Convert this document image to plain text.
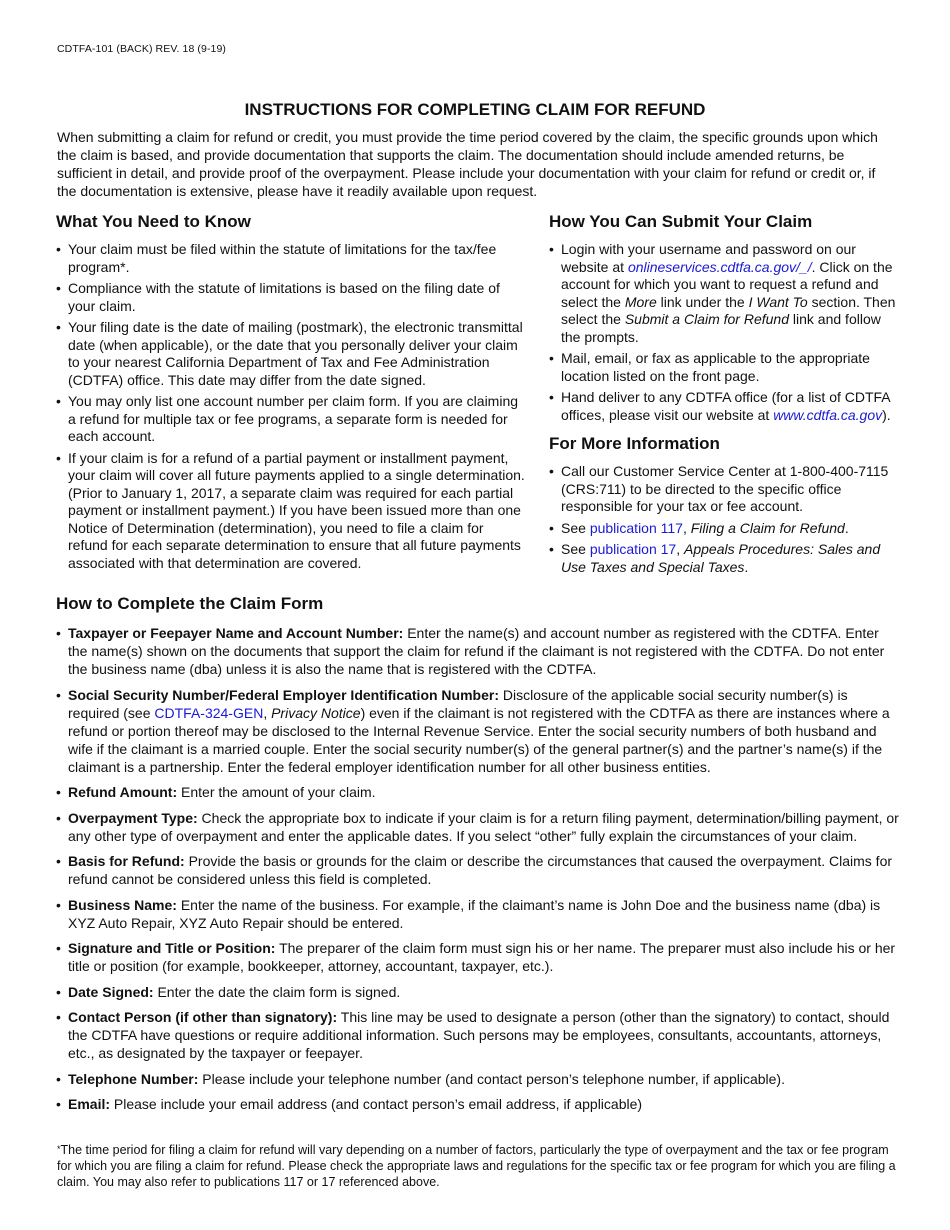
CDTFA-101 (BACK) REV. 18 (9-19)
INSTRUCTIONS FOR COMPLETING CLAIM FOR REFUND

When submitting a claim for refund or credit, you must provide the time period covered by the claim, the specific grounds upon which the claim is based, and provide documentation that supports the claim. The documentation should include amended returns, be sufficient in detail, and provide proof of the overpayment. Please include your documentation with your claim for refund or credit or, if the documentation is extensive, please have it readily available upon request.

What You Need to Know
• Your claim must be filed within the statute of limitations for the tax/fee program*.
• Compliance with the statute of limitations is based on the filing date of your claim.
• Your filing date is the date of mailing (postmark), the electronic transmittal date (when applicable), or the date that you personally deliver your claim to your nearest California Department of Tax and Fee Administration (CDTFA) office. This date may differ from the date signed.
• You may only list one account number per claim form. If you are claiming a refund for multiple tax or fee programs, a separate form is needed for each account.
• If your claim is for a refund of a partial payment or installment payment, your claim will cover all future payments applied to a single determination. (Prior to January 1, 2017, a separate claim was required for each partial payment or installment payment.) If you have been issued more than one Notice of Determination (determination), you need to file a claim for refund for each separate determination to ensure that all future payments associated with that determination are covered.
How You Can Submit Your Claim
• Login with your username and password on our website at onlineservices.cdtfa.ca.gov/_/. Click on the account for which you want to request a refund and select the More link under the I Want To section. Then select the Submit a Claim for Refund link and follow the prompts.
• Mail, email, or fax as applicable to the appropriate location listed on the front page.
• Hand deliver to any CDTFA office (for a list of CDTFA offices, please visit our website at www.cdtfa.ca.gov).
For More Information
• Call our Customer Service Center at 1-800-400-7115 (CRS:711) to be directed to the specific office responsible for your tax or fee account.
• See publication 117, Filing a Claim for Refund.
• See publication 17, Appeals Procedures: Sales and Use Taxes and Special Taxes.
How to Complete the Claim Form
• Taxpayer or Feepayer Name and Account Number: Enter the name(s) and account number as registered with the CDTFA. Enter the name(s) shown on the documents that support the claim for refund if the claimant is not registered with the CDTFA. Do not enter the business name (dba) unless it is also the name that is registered with the CDTFA.
• Social Security Number/Federal Employer Identification Number: Disclosure of the applicable social security number(s) is required (see CDTFA-324-GEN, Privacy Notice) even if the claimant is not registered with the CDTFA as there are instances where a refund or portion thereof may be disclosed to the Internal Revenue Service. Enter the social security numbers of both husband and wife if the claimant is a married couple. Enter the social security number(s) of the general partner(s) and the partner’s name(s) if the claimant is a partnership. Enter the federal employer identification number for all other business entities.
• Refund Amount: Enter the amount of your claim.
• Overpayment Type: Check the appropriate box to indicate if your claim is for a return filing payment, determination/billing payment, or any other type of overpayment and enter the applicable dates. If you select “other” fully explain the circumstances of your claim.
• Basis for Refund: Provide the basis or grounds for the claim or describe the circumstances that caused the overpayment. Claims for refund cannot be considered unless this field is completed.
• Business Name: Enter the name of the business. For example, if the claimant’s name is John Doe and the business name (dba) is XYZ Auto Repair, XYZ Auto Repair should be entered.
• Signature and Title or Position: The preparer of the claim form must sign his or her name. The preparer must also include his or her title or position (for example, bookkeeper, attorney, accountant, taxpayer, etc.).
• Date Signed: Enter the date the claim form is signed.
• Contact Person (if other than signatory): This line may be used to designate a person (other than the signatory) to contact, should the CDTFA have questions or require additional information. Such persons may be employees, consultants, accountants, attorneys, etc., as designated by the taxpayer or feepayer.
• Telephone Number: Please include your telephone number (and contact person’s telephone number, if applicable).
• Email: Please include your email address (and contact person’s email address, if applicable)
*The time period for filing a claim for refund will vary depending on a number of factors, particularly the type of overpayment and the tax or fee program for which you are filing a claim for refund. Please check the appropriate laws and regulations for the specific tax or fee program for which you are filing a claim. You may also refer to publications 117 or 17 referenced above.
